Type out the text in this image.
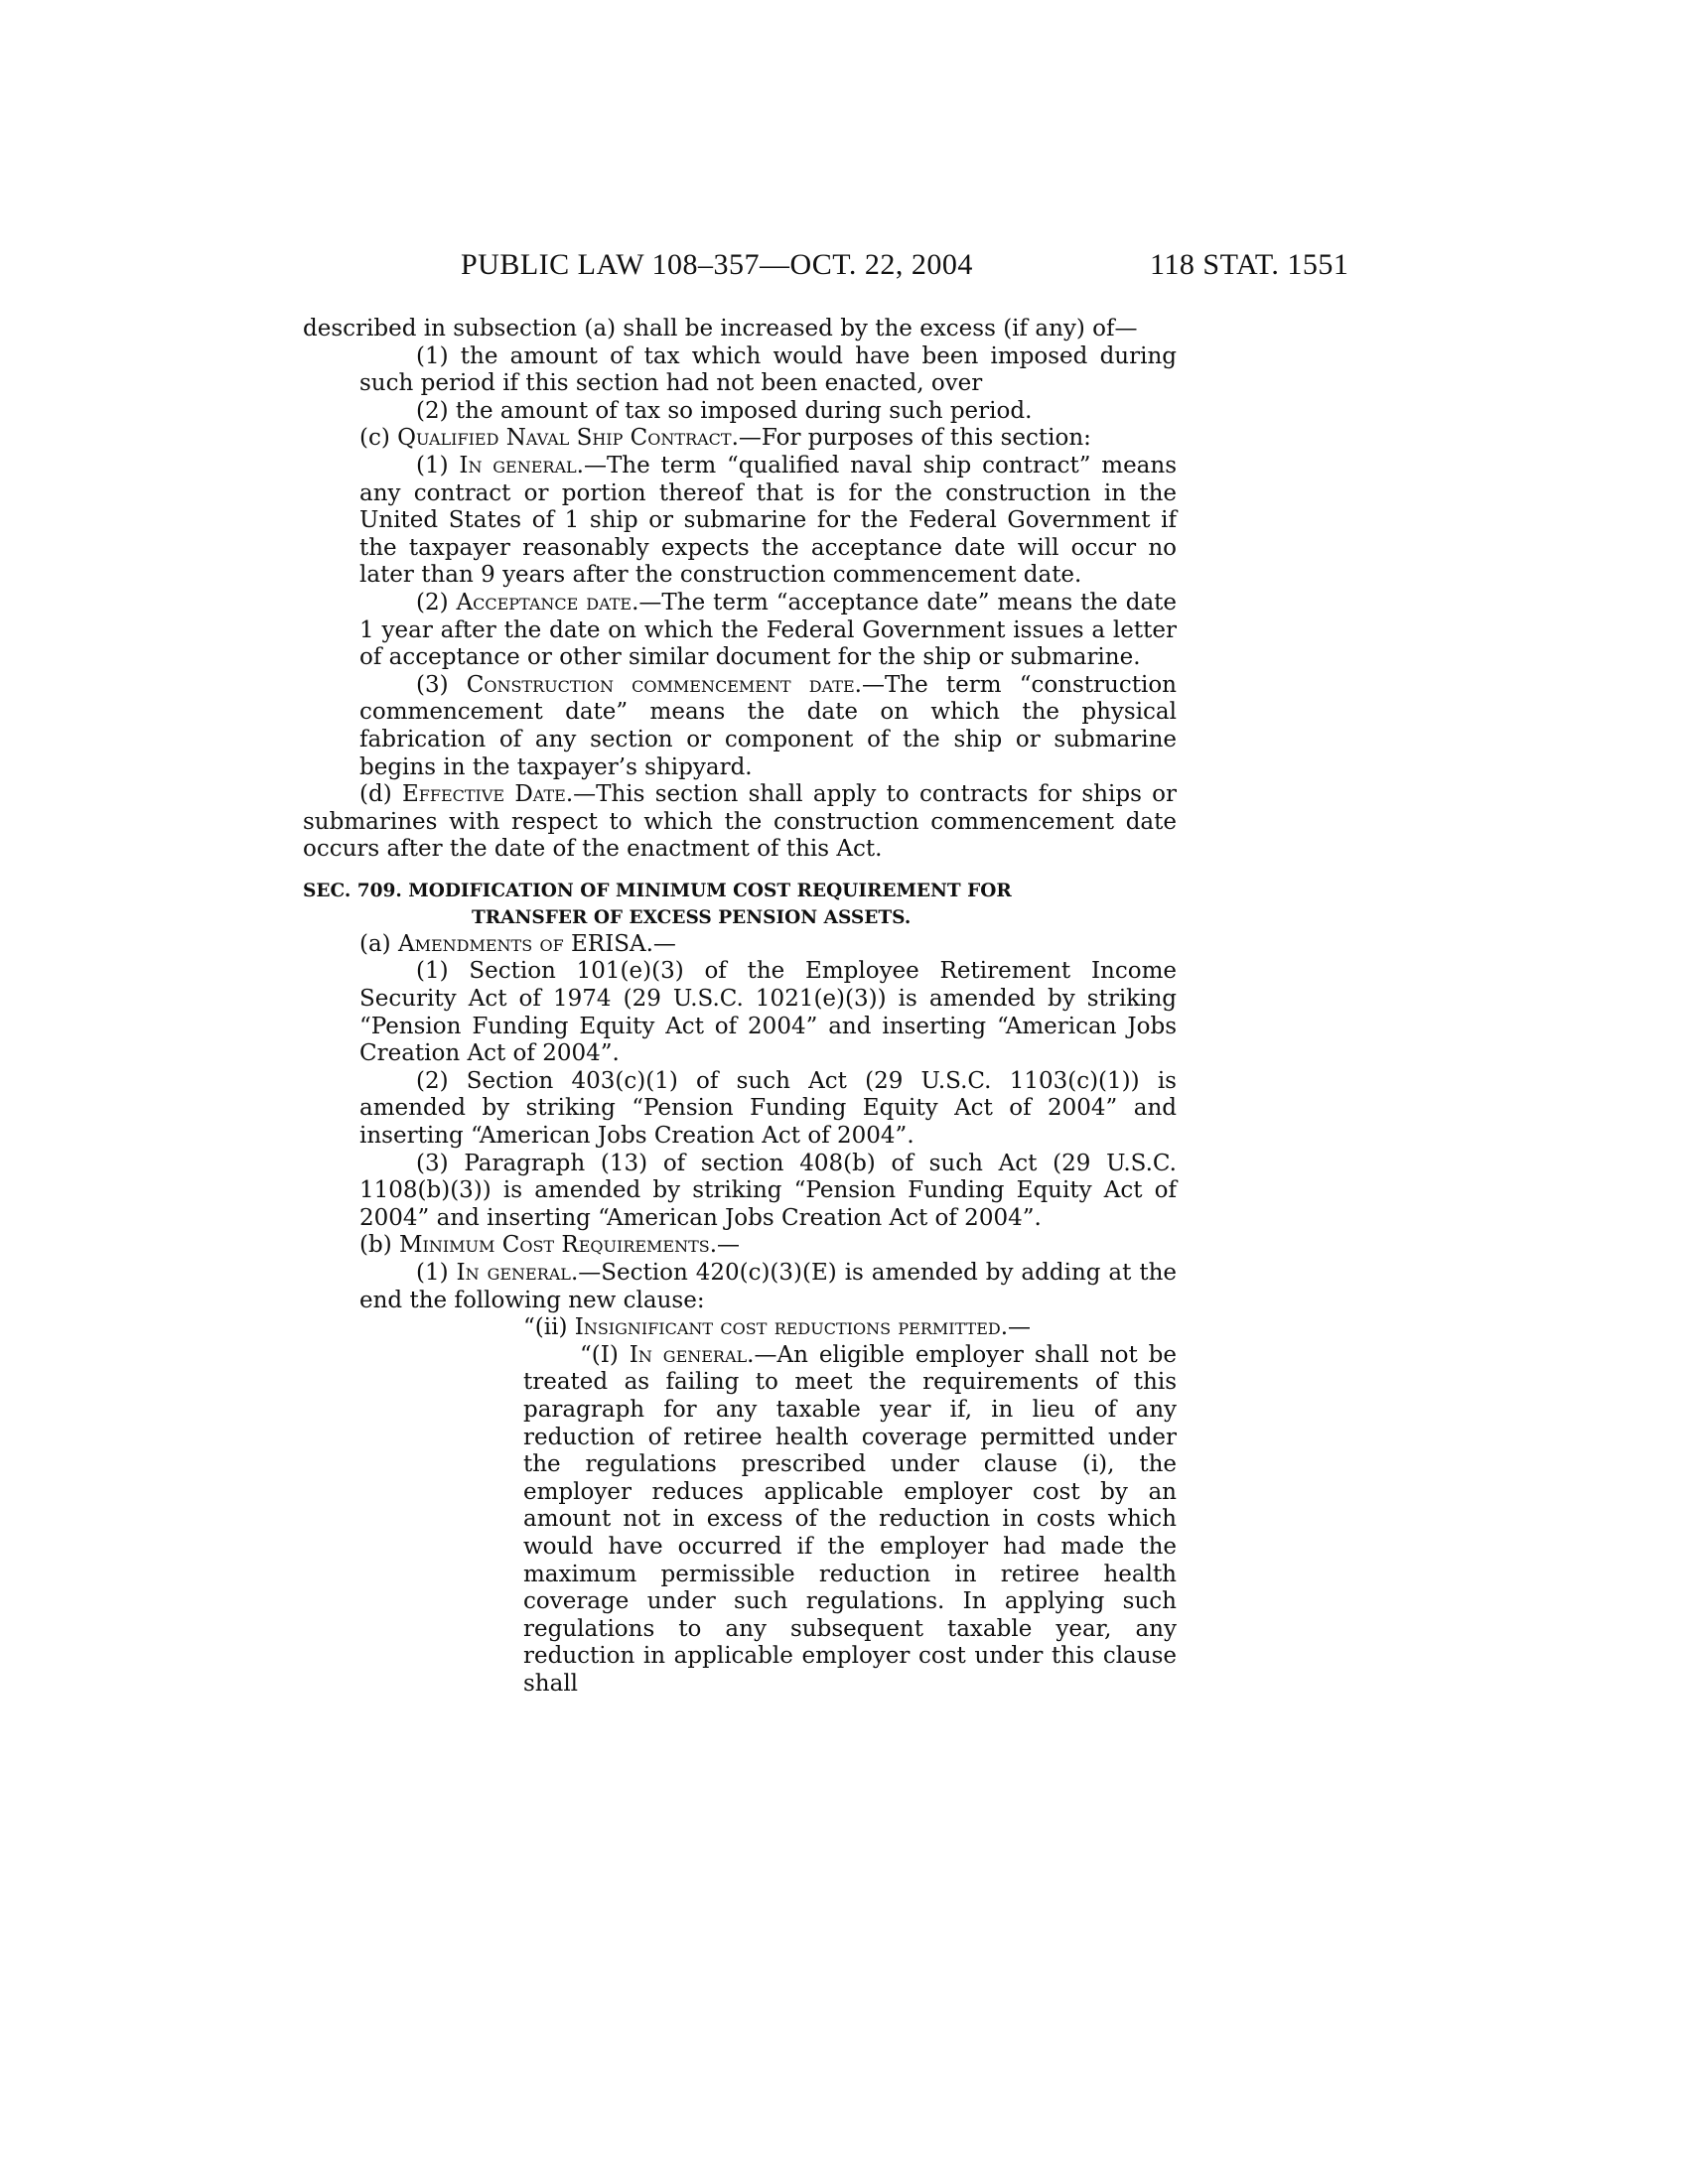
PUBLIC LAW 108–357—OCT. 22, 2004	118 STAT. 1551

described in subsection (a) shall be increased by the excess (if any) of—

(1) the amount of tax which would have been imposed during such period if this section had not been enacted, over

(2) the amount of tax so imposed during such period.

(c) Qualified Naval Ship Contract.—For purposes of this section:

(1) In general.—The term “qualified naval ship contract” means any contract or portion thereof that is for the construction in the United States of 1 ship or submarine for the Federal Government if the taxpayer reasonably expects the acceptance date will occur no later than 9 years after the construction commencement date.

(2) Acceptance date.—The term “acceptance date” means the date 1 year after the date on which the Federal Government issues a letter of acceptance or other similar document for the ship or submarine.

(3) Construction commencement date.—The term “construction commencement date” means the date on which the physical fabrication of any section or component of the ship or submarine begins in the taxpayer’s shipyard.

(d) Effective Date.—This section shall apply to contracts for ships or submarines with respect to which the construction commencement date occurs after the date of the enactment of this Act.

SEC. 709. MODIFICATION OF MINIMUM COST REQUIREMENT FOR
TRANSFER OF EXCESS PENSION ASSETS.

(a) Amendments of ERISA.—

(1) Section 101(e)(3) of the Employee Retirement Income Security Act of 1974 (29 U.S.C. 1021(e)(3)) is amended by striking “Pension Funding Equity Act of 2004” and inserting “American Jobs Creation Act of 2004”.

(2) Section 403(c)(1) of such Act (29 U.S.C. 1103(c)(1)) is amended by striking “Pension Funding Equity Act of 2004” and inserting “American Jobs Creation Act of 2004”.

(3) Paragraph (13) of section 408(b) of such Act (29 U.S.C. 1108(b)(3)) is amended by striking “Pension Funding Equity Act of 2004” and inserting “American Jobs Creation Act of 2004”.

(b) Minimum Cost Requirements.—

(1) In general.—Section 420(c)(3)(E) is amended by adding at the end the following new clause:

“(ii) Insignificant cost reductions permitted.—

“(I) In general.—An eligible employer shall not be treated as failing to meet the requirements of this paragraph for any taxable year if, in lieu of any reduction of retiree health coverage permitted under the regulations prescribed under clause (i), the employer reduces applicable employer cost by an amount not in excess of the reduction in costs which would have occurred if the employer had made the maximum permissible reduction in retiree health coverage under such regulations. In applying such regulations to any subsequent taxable year, any reduction in applicable employer cost under this clause shall
